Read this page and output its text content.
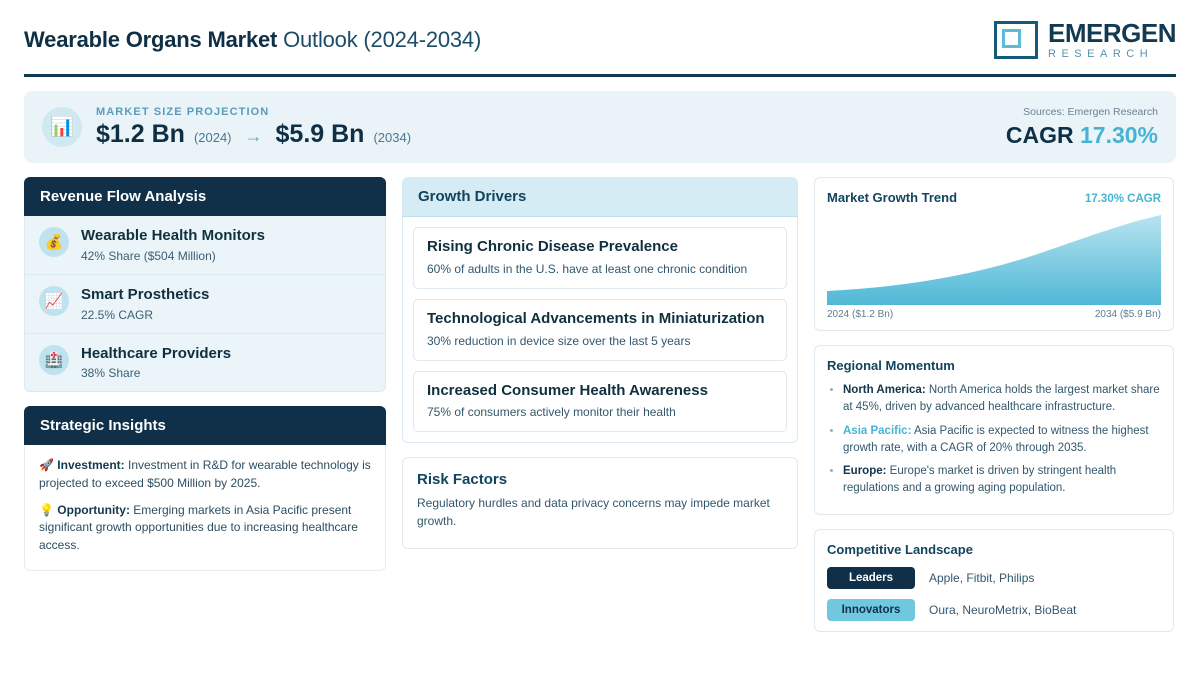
Wearable Organs Market Outlook (2024-2034)	EMERGEN
RESEARCH
📊
MARKET SIZE PROJECTION
$1.2 Bn (2024) → $5.9 Bn (2034)
Sources: Emergen Research
CAGR 17.30%
Revenue Flow Analysis
💰	Wearable Health Monitors
42% Share ($504 Million)
📈	Smart Prosthetics
22.5% CAGR
🏥	Healthcare Providers
38% Share
Strategic Insights
🚀 Investment: Investment in R&D for wearable technology is projected to exceed $500 Million by 2025.
💡 Opportunity: Emerging markets in Asia Pacific present significant growth opportunities due to increasing healthcare access.
Growth Drivers
Rising Chronic Disease Prevalence
60% of adults in the U.S. have at least one chronic condition
Technological Advancements in Miniaturization
30% reduction in device size over the last 5 years
Increased Consumer Health Awareness
75% of consumers actively monitor their health
Risk Factors
Regulatory hurdles and data privacy concerns may impede market growth.
Market Growth Trend	17.30% CAGR
2024 ($1.2 Bn)	2034 ($5.9 Bn)
Regional Momentum
• North America: North America holds the largest market share at 45%, driven by advanced healthcare infrastructure.
• Asia Pacific: Asia Pacific is expected to witness the highest growth rate, with a CAGR of 20% through 2035.
• Europe: Europe's market is driven by stringent health regulations and a growing aging population.
Competitive Landscape
Leaders	Apple, Fitbit, Philips
Innovators	Oura, NeuroMetrix, BioBeat
